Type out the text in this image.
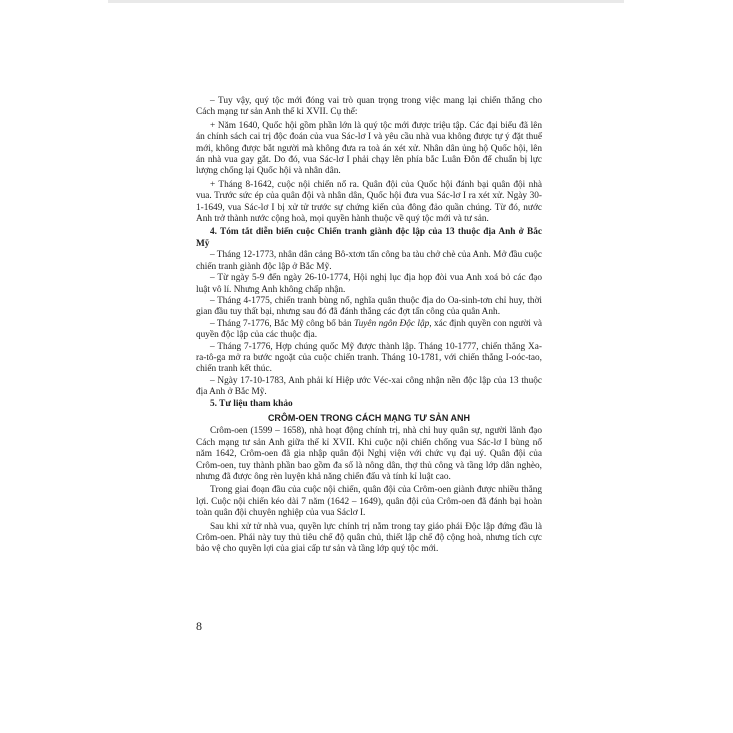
– Tuy vậy, quý tộc mới đóng vai trò quan trọng trong việc mang lại chiến thắng cho Cách mạng tư sản Anh thế kỉ XVII. Cụ thể:

+ Năm 1640, Quốc hội gồm phần lớn là quý tộc mới được triệu tập. Các đại biểu đã lên án chính sách cai trị độc đoán của vua Sác-lơ I và yêu cầu nhà vua không được tự ý đặt thuế mới, không được bắt người mà không đưa ra toà án xét xử. Nhân dân ủng hộ Quốc hội, lên án nhà vua gay gắt. Do đó, vua Sác-lơ I phải chạy lên phía bắc Luân Đôn để chuẩn bị lực lượng chống lại Quốc hội và nhân dân.

+ Tháng 8-1642, cuộc nội chiến nổ ra. Quân đội của Quốc hội đánh bại quân đội nhà vua. Trước sức ép của quân đội và nhân dân, Quốc hội đưa vua Sác-lơ I ra xét xử. Ngày 30-1-1649, vua Sác-lơ I bị xử tử trước sự chứng kiến của đông đảo quần chúng. Từ đó, nước Anh trở thành nước cộng hoà, mọi quyền hành thuộc về quý tộc mới và tư sản.

4. Tóm tắt diễn biến cuộc Chiến tranh giành độc lập của 13 thuộc địa Anh ở Bắc Mỹ

– Tháng 12-1773, nhân dân cảng Bô-xtơn tấn công ba tàu chở chè của Anh. Mở đầu cuộc chiến tranh giành độc lập ở Bắc Mỹ.

– Từ ngày 5-9 đến ngày 26-10-1774, Hội nghị lục địa họp đòi vua Anh xoá bỏ các đạo luật vô lí. Nhưng Anh không chấp nhận.

– Tháng 4-1775, chiến tranh bùng nổ, nghĩa quân thuộc địa do Oa-sinh-tơn chỉ huy, thời gian đầu tuy thất bại, nhưng sau đó đã đánh thắng các đợt tấn công của quân Anh.

– Tháng 7-1776, Bắc Mỹ công bố bản Tuyên ngôn Độc lập, xác định quyền con người và quyền độc lập của các thuộc địa.

– Tháng 7-1776, Hợp chúng quốc Mỹ được thành lập. Tháng 10-1777, chiến thắng Xa-ra-tô-ga mở ra bước ngoặt của cuộc chiến tranh. Tháng 10-1781, với chiến thắng I-oóc-tao, chiến tranh kết thúc.

– Ngày 17-10-1783, Anh phải kí Hiệp ước Véc-xai công nhận nền độc lập của 13 thuộc địa Anh ở Bắc Mỹ.

5. Tư liệu tham khảo

CRÔM-OEN TRONG CÁCH MẠNG TƯ SẢN ANH

Crôm-oen (1599 – 1658), nhà hoạt động chính trị, nhà chỉ huy quân sự, người lãnh đạo Cách mạng tư sản Anh giữa thế kỉ XVII. Khi cuộc nội chiến chống vua Sác-lơ I bùng nổ năm 1642, Crôm-oen đã gia nhập quân đội Nghị viện với chức vụ đại uý. Quân đội của Crôm-oen, tuy thành phần bao gồm đa số là nông dân, thợ thủ công và tầng lớp dân nghèo, nhưng đã được ông rèn luyện khả năng chiến đấu và tính kỉ luật cao.

Trong giai đoạn đầu của cuộc nội chiến, quân đội của Crôm-oen giành được nhiều thắng lợi. Cuộc nội chiến kéo dài 7 năm (1642 – 1649), quân đội của Crôm-oen đã đánh bại hoàn toàn quân đội chuyên nghiệp của vua Sáclơ I.

Sau khi xử tử nhà vua, quyền lực chính trị nằm trong tay giáo phái Độc lập đứng đầu là Crôm-oen. Phái này tuy thủ tiêu chế độ quân chủ, thiết lập chế độ cộng hoà, nhưng tích cực bảo vệ cho quyền lợi của giai cấp tư sản và tầng lớp quý tộc mới.

8
